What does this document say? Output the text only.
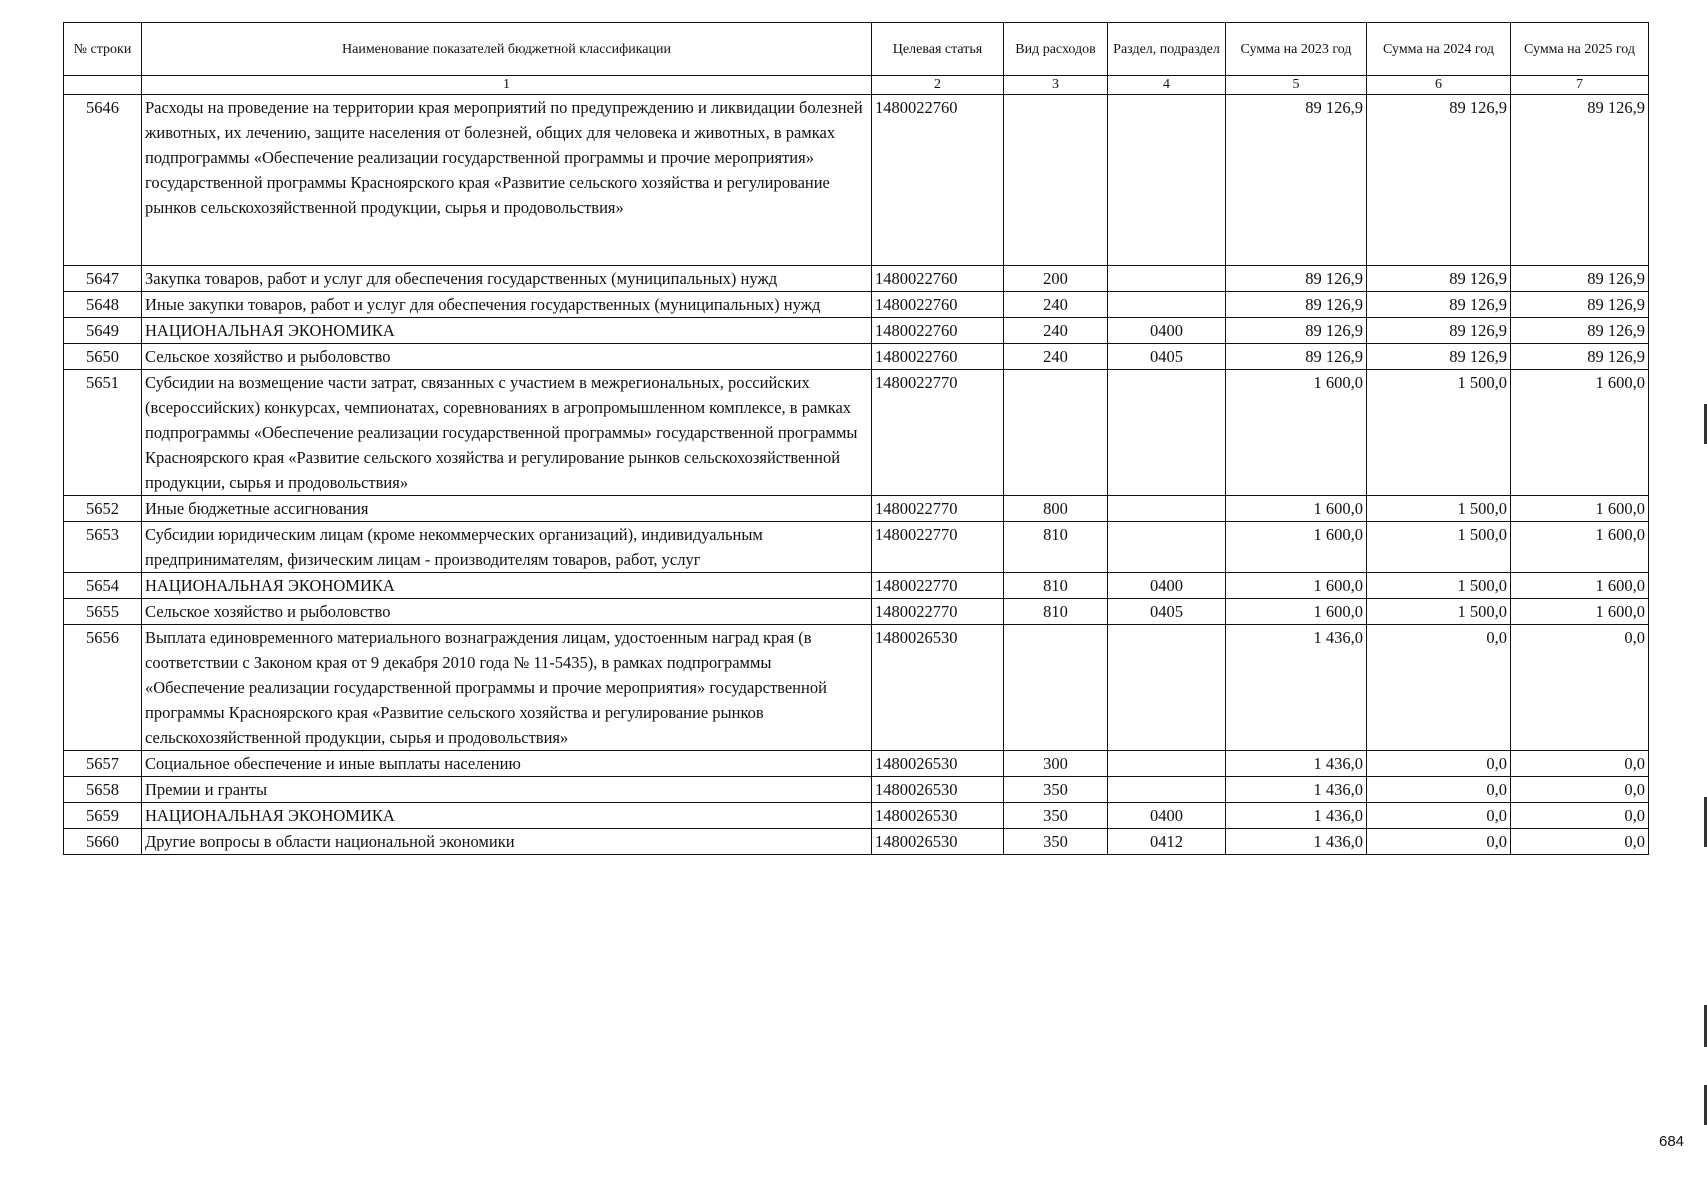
№ строки	Наименование показателей бюджетной классификации	Целевая статья	Вид расходов	Раздел, подраздел	Сумма на 2023 год	Сумма на 2024 год	Сумма на 2025 год
	1	2	3	4	5	6	7
5646	Расходы на проведение на территории края мероприятий по предупреждению и ликвидации болезней животных, их лечению, защите населения от болезней, общих для человека и животных, в рамках подпрограммы «Обеспечение реализации государственной программы и прочие мероприятия» государственной программы Красноярского края «Развитие сельского хозяйства и регулирование рынков сельскохозяйственной продукции, сырья и продовольствия»	1480022760			89 126,9	89 126,9	89 126,9
5647	Закупка товаров, работ и услуг для обеспечения государственных (муниципальных) нужд	1480022760	200		89 126,9	89 126,9	89 126,9
5648	Иные закупки товаров, работ и услуг для обеспечения государственных (муниципальных) нужд	1480022760	240		89 126,9	89 126,9	89 126,9
5649	НАЦИОНАЛЬНАЯ ЭКОНОМИКА	1480022760	240	0400	89 126,9	89 126,9	89 126,9
5650	Сельское хозяйство и рыболовство	1480022760	240	0405	89 126,9	89 126,9	89 126,9
5651	Субсидии на возмещение части затрат, связанных с участием в межрегиональных, российских (всероссийских) конкурсах, чемпионатах, соревнованиях в агропромышленном комплексе, в рамках подпрограммы «Обеспечение реализации государственной программы» государственной программы Красноярского края «Развитие сельского хозяйства и регулирование рынков сельскохозяйственной продукции, сырья и продовольствия»	1480022770			1 600,0	1 500,0	1 600,0
5652	Иные бюджетные ассигнования	1480022770	800		1 600,0	1 500,0	1 600,0
5653	Субсидии юридическим лицам (кроме некоммерческих организаций), индивидуальным предпринимателям, физическим лицам - производителям товаров, работ, услуг	1480022770	810		1 600,0	1 500,0	1 600,0
5654	НАЦИОНАЛЬНАЯ ЭКОНОМИКА	1480022770	810	0400	1 600,0	1 500,0	1 600,0
5655	Сельское хозяйство и рыболовство	1480022770	810	0405	1 600,0	1 500,0	1 600,0
5656	Выплата единовременного материального вознаграждения лицам, удостоенным наград края (в соответствии с Законом края от 9 декабря 2010 года № 11-5435), в рамках подпрограммы «Обеспечение реализации государственной программы и прочие мероприятия» государственной программы Красноярского края «Развитие сельского хозяйства и регулирование рынков сельскохозяйственной продукции, сырья и продовольствия»	1480026530			1 436,0	0,0	0,0
5657	Социальное обеспечение и иные выплаты населению	1480026530	300		1 436,0	0,0	0,0
5658	Премии и гранты	1480026530	350		1 436,0	0,0	0,0
5659	НАЦИОНАЛЬНАЯ ЭКОНОМИКА	1480026530	350	0400	1 436,0	0,0	0,0
5660	Другие вопросы в области национальной экономики	1480026530	350	0412	1 436,0	0,0	0,0
684
